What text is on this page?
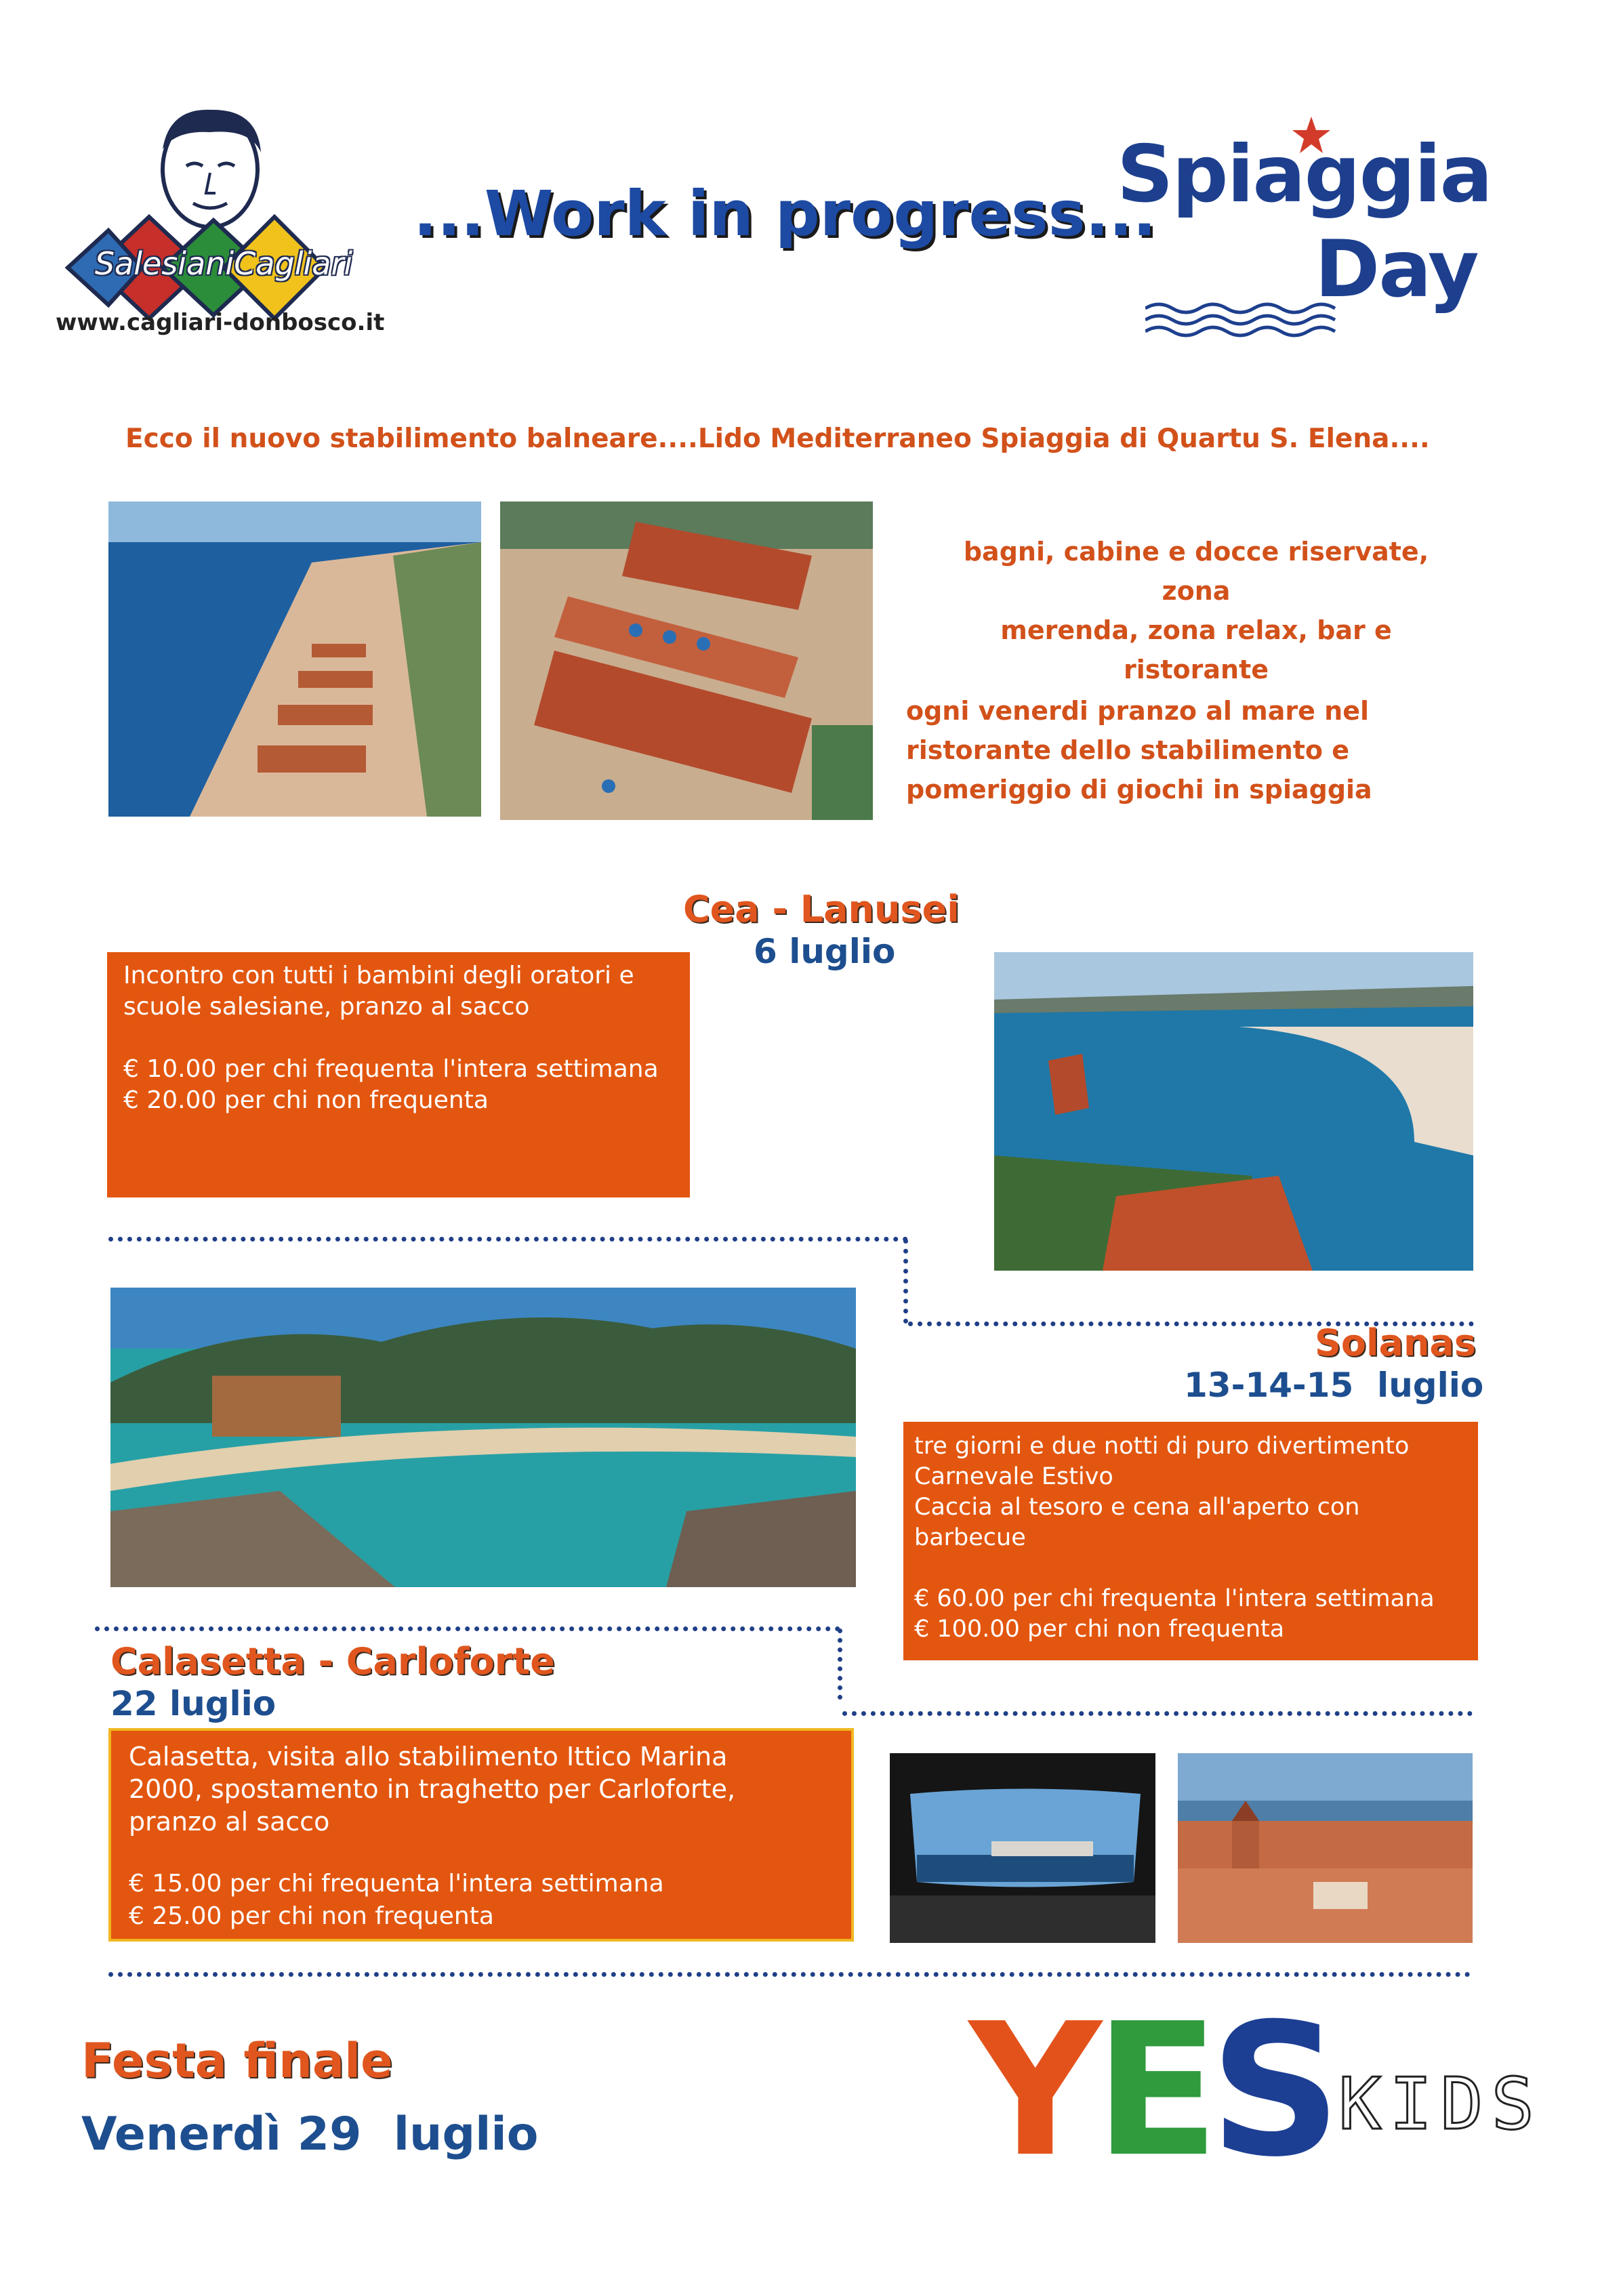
SalesianiCagliari
www.cagliari-donbosco.it
...Work in progress...
Spiaggia
Day
Ecco il nuovo stabilimento balneare....Lido Mediterraneo Spiaggia di Quartu S. Elena....
bagni, cabine e docce riservate, zona
merenda, zona relax, bar e ristorante
ogni venerdi pranzo al mare nel
ristorante dello stabilimento e
pomeriggio di giochi in spiaggia
Cea - Lanusei
6 luglio
Incontro con tutti i bambini degli oratori e
scuole salesiane, pranzo al sacco
€ 10.00 per chi frequenta l'intera settimana
€ 20.00 per chi non frequenta
Solanas
13-14-15  luglio
tre giorni e due notti di puro divertimento
Carnevale Estivo
Caccia al tesoro e cena all'aperto con
barbecue
€ 60.00 per chi frequenta l'intera settimana
€ 100.00 per chi non frequenta
Calasetta - Carloforte
22 luglio
Calasetta, visita allo stabilimento Ittico Marina
2000, spostamento in traghetto per Carloforte,
pranzo al sacco
€ 15.00 per chi frequenta l'intera settimana
€ 25.00 per chi non frequenta
Festa finale
Venerdì 29  luglio Y
E
S
KIDS
